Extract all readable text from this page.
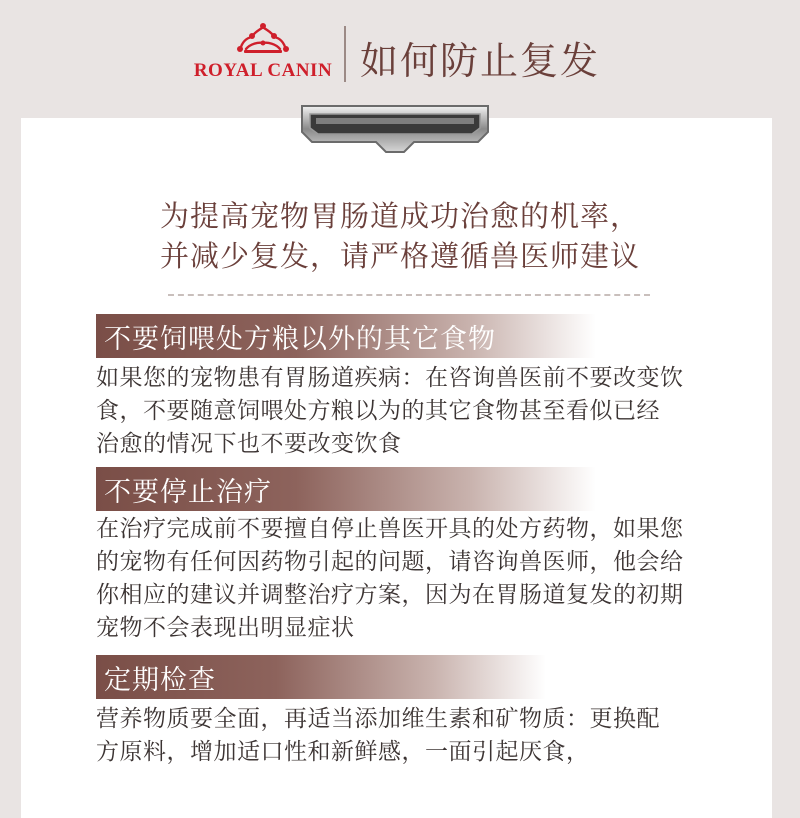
ROYAL CANIN 如何防止复发
为提高宠物胃肠道成功治愈的机率，
并减少复发，请严格遵循兽医师建议
不要饲喂处方粮以外的其它食物
如果您的宠物患有胃肠道疾病：在咨询兽医前不要改变饮
食，不要随意饲喂处方粮以为的其它食物甚至看似已经
治愈的情况下也不要改变饮食
不要停止治疗
在治疗完成前不要擅自停止兽医开具的处方药物，如果您
的宠物有任何因药物引起的问题，请咨询兽医师，他会给
你相应的建议并调整治疗方案，因为在胃肠道复发的初期
宠物不会表现出明显症状
定期检查
营养物质要全面，再适当添加维生素和矿物质：更换配
方原料，增加适口性和新鲜感，一面引起厌食，
